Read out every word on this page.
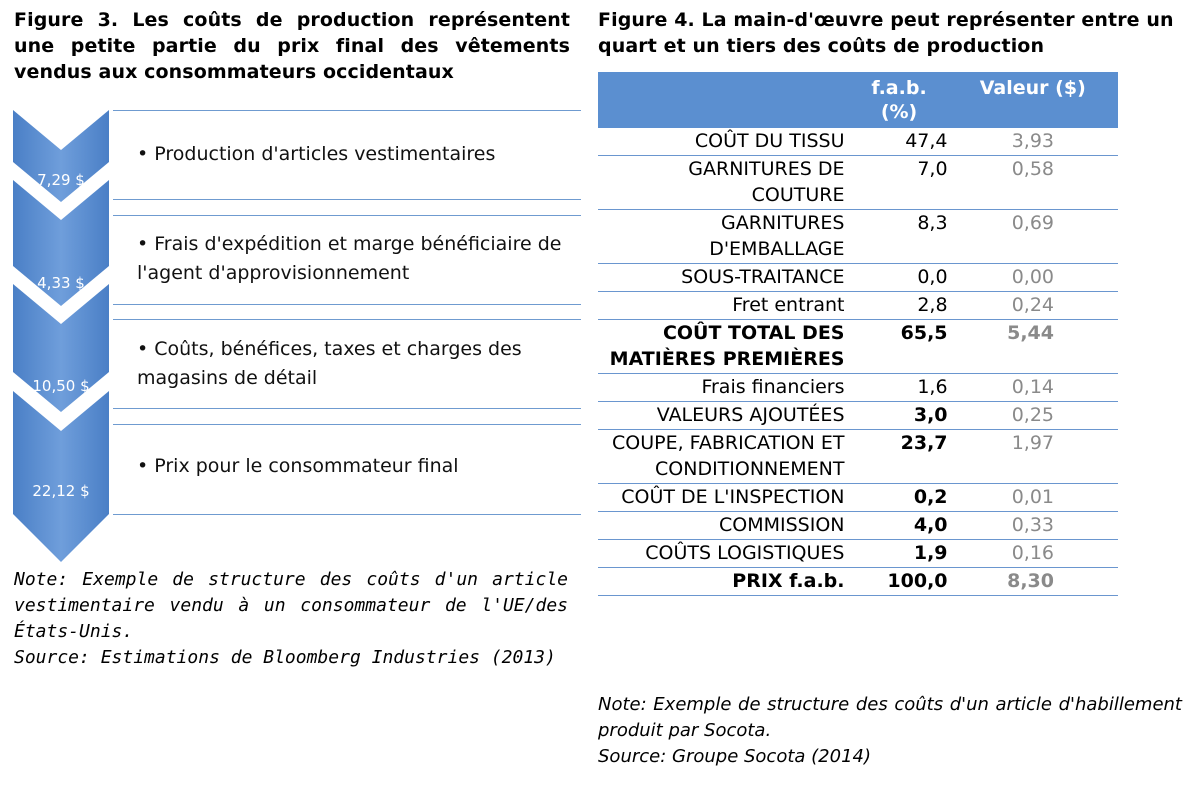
Figure 3. Les coûts de production représentent une petite partie du prix final des vêtements vendus aux consommateurs occidentaux
Figure 4. La main-d'œuvre peut représenter entre un quart et un tiers des coûts de production
7,29 $
4,33 $
10,50 $
22,12 $
• Production d'articles vestimentaires
• Frais d'expédition et marge bénéficiaire de l'agent d'approvisionnement
• Coûts, bénéfices, taxes et charges des magasins de détail
• Prix pour le consommateur final

Note: Exemple de structure des coûts d'un article vestimentaire vendu à un consommateur de l'UE/des États-Unis.

Source: Estimations de Bloomberg Industries (2013)

	f.a.b. (%)	Valeur ($)
COÛT DU TISSU	47,4	3,93
GARNITURES DE COUTURE	7,0	0,58
GARNITURES D'EMBALLAGE	8,3	0,69
SOUS-TRAITANCE	0,0	0,00
Fret entrant	2,8	0,24
COÛT TOTAL DES MATIÈRES PREMIÈRES	65,5	5,44
Frais financiers	1,6	0,14
VALEURS AJOUTÉES	3,0	0,25
COUPE, FABRICATION ET CONDITIONNEMENT	23,7	1,97
COÛT DE L'INSPECTION	0,2	0,01
COMMISSION	4,0	0,33
COÛTS LOGISTIQUES	1,9	0,16
PRIX f.a.b.	100,0	8,30

Note: Exemple de structure des coûts d'un article d'habillement produit par Socota.

Source: Groupe Socota (2014)
